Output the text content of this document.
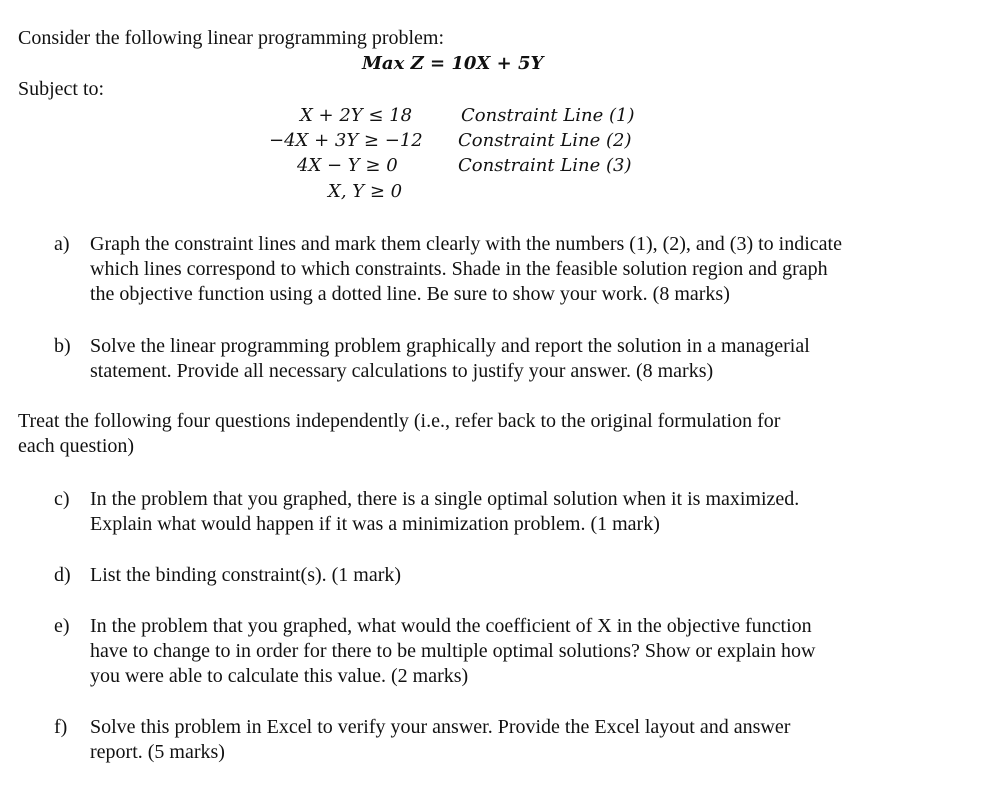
Consider the following linear programming problem:
Max Z = 10X + 5Y
Subject to:
X + 2Y ≤ 18	Constraint Line (1)
−4X + 3Y ≥ −12 Constraint Line (2)
4X − Y ≥ 0	Constraint Line (3)
X, Y ≥ 0
a) Graph the constraint lines and mark them clearly with the numbers (1), (2), and (3) to indicate
which lines correspond to which constraints. Shade in the feasible solution region and graph
the objective function using a dotted line. Be sure to show your work. (8 marks)
b) Solve the linear programming problem graphically and report the solution in a managerial
statement. Provide all necessary calculations to justify your answer. (8 marks)
Treat the following four questions independently (i.e., refer back to the original formulation for
each question)
c) In the problem that you graphed, there is a single optimal solution when it is maximized.
Explain what would happen if it was a minimization problem. (1 mark)
d) List the binding constraint(s). (1 mark)
e) In the problem that you graphed, what would the coefficient of X in the objective function
have to change to in order for there to be multiple optimal solutions? Show or explain how
you were able to calculate this value. (2 marks)
f) Solve this problem in Excel to verify your answer. Provide the Excel layout and answer
report. (5 marks)
